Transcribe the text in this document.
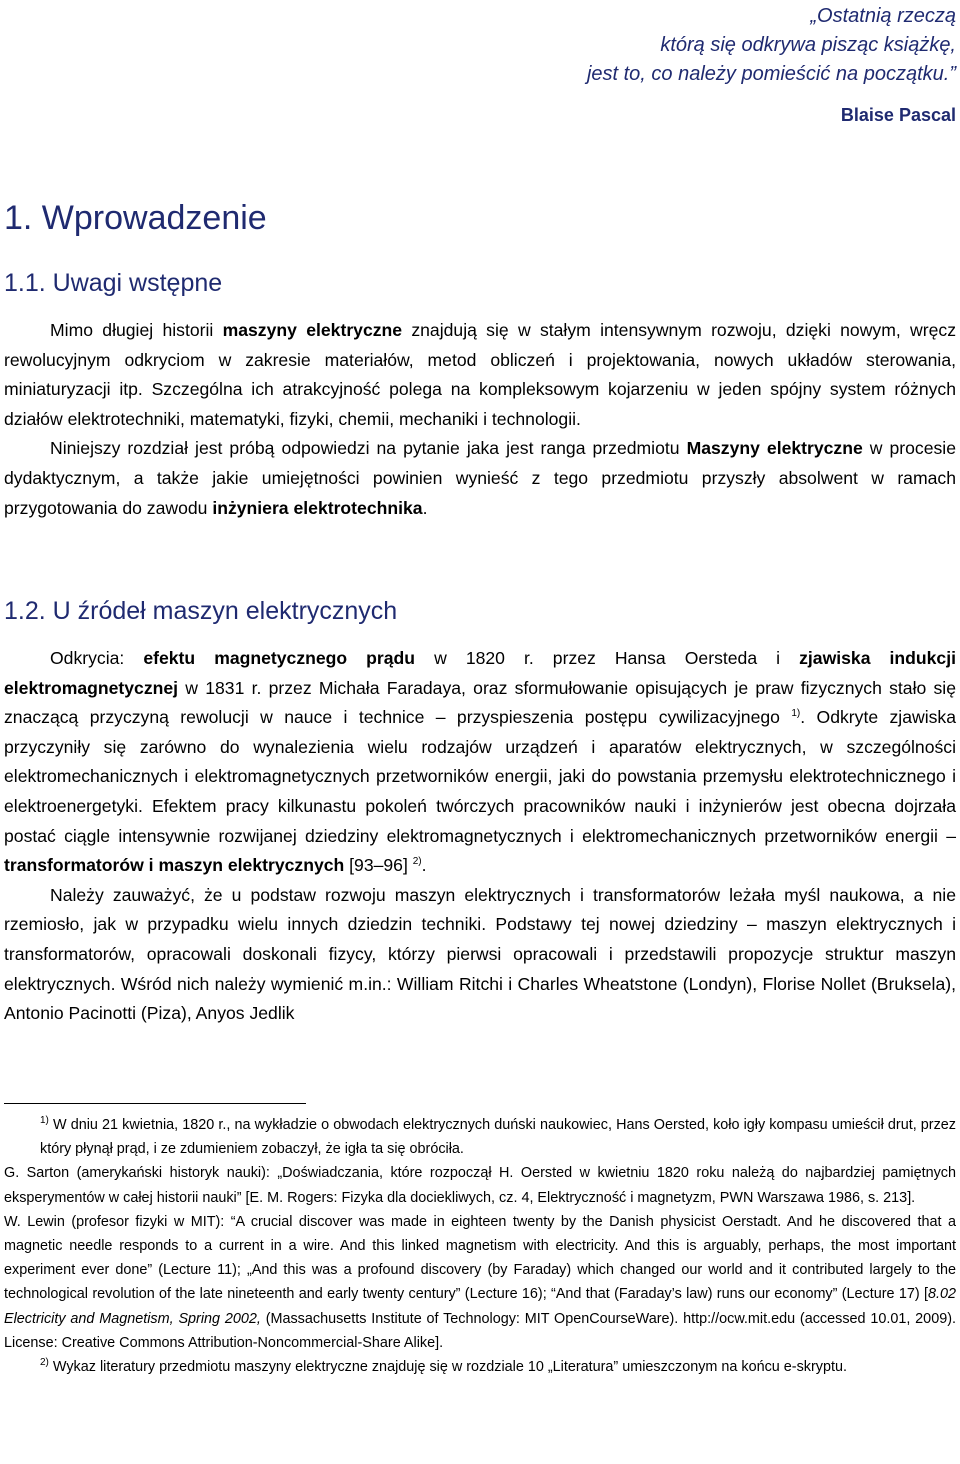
„Ostatnią rzeczą
którą się odkrywa pisząc książkę,
jest to, co należy pomieścić na początku.”
Blaise Pascal
1. Wprowadzenie
1.1. Uwagi wstępne

Mimo długiej historii maszyny elektryczne znajdują się w stałym intensywnym rozwoju, dzięki nowym, wręcz rewolucyjnym odkryciom w zakresie materiałów, metod obliczeń i projektowania, nowych układów sterowania, miniaturyzacji itp. Szczególna ich atrakcyjność polega na kompleksowym kojarzeniu w jeden spójny system różnych działów elektrotechniki, matematyki, fizyki, chemii, mechaniki i technologii.

Niniejszy rozdział jest próbą odpowiedzi na pytanie jaka jest ranga przedmiotu Maszyny elektryczne w procesie dydaktycznym, a także jakie umiejętności powinien wynieść z tego przedmiotu przyszły absolwent w ramach przygotowania do zawodu inżyniera elektrotechnika.

1.2. U źródeł maszyn elektrycznych

Odkrycia: efektu magnetycznego prądu w 1820 r. przez Hansa Oersteda i zjawiska indukcji elektromagnetycznej w 1831 r. przez Michała Faradaya, oraz sformułowanie opisujących je praw fizycznych stało się znaczącą przyczyną rewolucji w nauce i technice – przyspieszenia postępu cywilizacyjnego $^{1)}$. Odkryte zjawiska przyczyniły się zarówno do wynalezienia wielu rodzajów urządzeń i aparatów elektrycznych, w szczególności elektromechanicznych i elektromagnetycznych przetworników energii, jaki do powstania przemysłu elektrotechnicznego i elektroenergetyki. Efektem pracy kilkunastu pokoleń twórczych pracowników nauki i inżynierów jest obecna dojrzała postać ciągle intensywnie rozwijanej dziedziny elektromagnetycznych i elektromechanicznych przetworników energii – transformatorów i maszyn elektrycznych [93–96] $^{2)}$.

Należy zauważyć, że u podstaw rozwoju maszyn elektrycznych i transformatorów leżała myśl naukowa, a nie rzemiosło, jak w przypadku wielu innych dziedzin techniki. Podstawy tej nowej dziedziny – maszyn elektrycznych i transformatorów, opracowali doskonali fizycy, którzy pierwsi opracowali i przedstawili propozycje struktur maszyn elektrycznych. Wśród nich należy wymienić m.in.: William Ritchi i Charles Wheatstone (Londyn), Florise Nollet (Bruksela), Antonio Pacinotti (Piza), Anyos Jedlik

$^{1)}$ W dniu 21 kwietnia, 1820 r., na wykładzie o obwodach elektrycznych duński naukowiec, Hans Oersted, koło igły kompasu umieścił drut, przez który płynął prąd, i ze zdumieniem zobaczył, że igła ta się obróciła.

G. Sarton (amerykański historyk nauki): „Doświadczania, które rozpoczął H. Oersted w kwietniu 1820 roku należą do najbardziej pamiętnych eksperymentów w całej historii nauki” [E. M. Rogers: Fizyka dla dociekliwych, cz. 4, Elektryczność i magnetyzm, PWN Warszawa 1986, s. 213].

W. Lewin (profesor fizyki w MIT): “A crucial discover was made in eighteen twenty by the Danish physicist Oerstadt. And he discovered that a magnetic needle responds to a current in a wire. And this linked magnetism with electricity. And this is arguably, perhaps, the most important experiment ever done” (Lecture 11); „And this was a profound discovery (by Faraday) which changed our world and it contributed largely to the technological revolution of the late nineteenth and early twenty century” (Lecture 16); “And that (Faraday’s law) runs our economy” (Lecture 17) [8.02 Electricity and Magnetism, Spring 2002, (Massachusetts Institute of Technology: MIT OpenCourseWare). http://ocw.mit.edu (accessed 10.01, 2009). License: Creative Commons Attribution-Noncommercial-Share Alike].

$^{2)}$ Wykaz literatury przedmiotu maszyny elektryczne znajduję się w rozdziale 10 „Literatura” umieszczonym na końcu e-skryptu.
